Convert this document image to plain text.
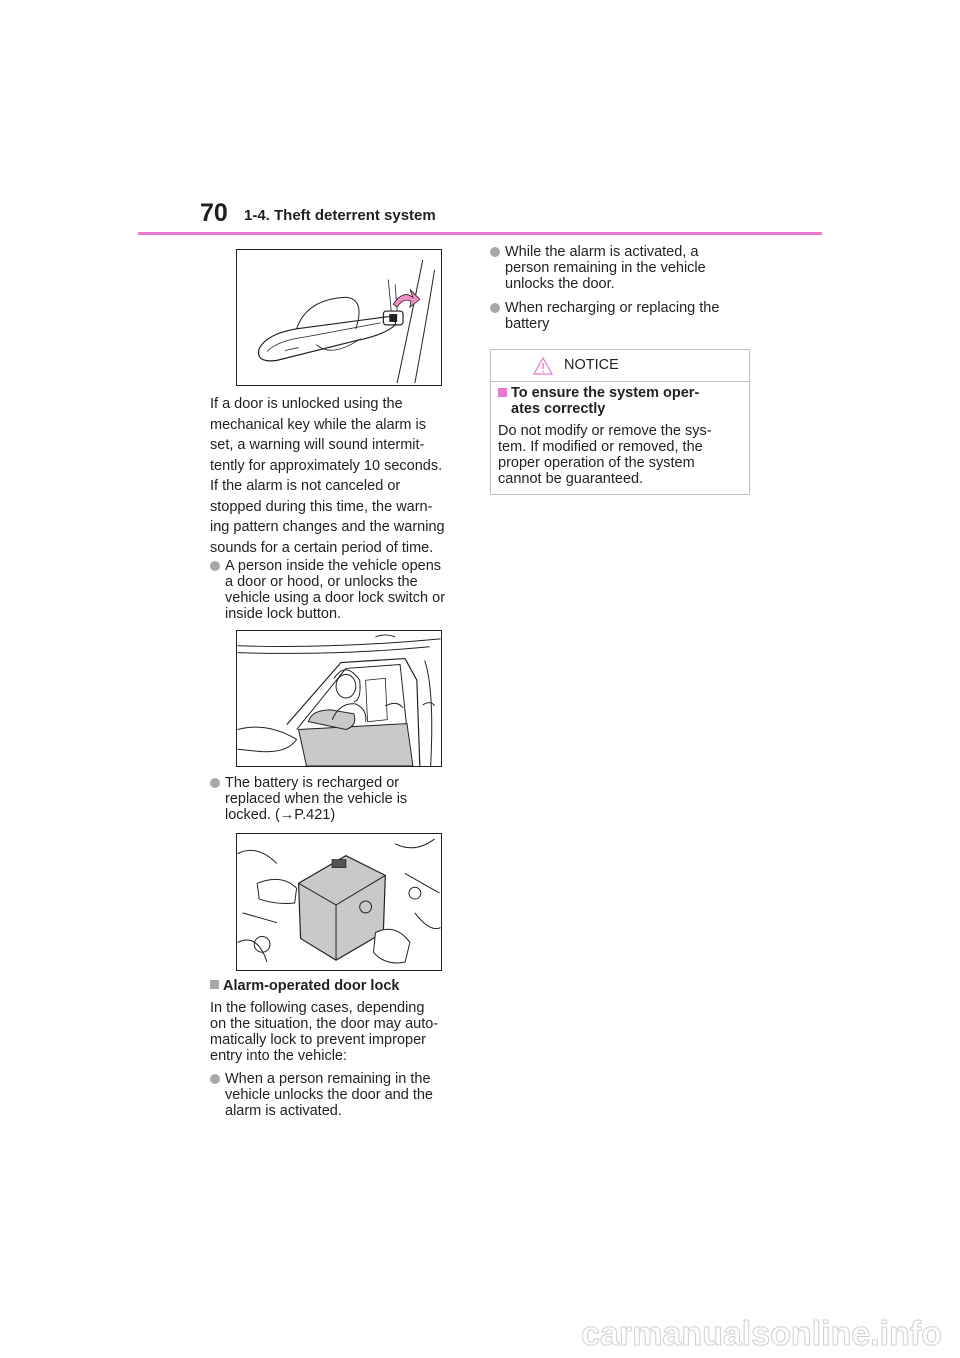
70 1-4. Theft deterrent system

If a door is unlocked using the

mechanical key while the alarm is

set, a warning will sound intermit-

tently for approximately 10 seconds.

If the alarm is not canceled or

stopped during this time, the warn-

ing pattern changes and the warning

sounds for a certain period of time.

A person inside the vehicle opens
a door or hood, or unlocks the
vehicle using a door lock switch or
inside lock button.
The battery is recharged or
replaced when the vehicle is
locked. (→P.421)
Alarm-operated door lock

In the following cases, depending

on the situation, the door may auto-

matically lock to prevent improper

entry into the vehicle:

When a person remaining in the
vehicle unlocks the door and the
alarm is activated.
While the alarm is activated, a
person remaining in the vehicle
unlocks the door.
When recharging or replacing the
battery
NOTICE
To ensure the system oper-
ates correctly
Do not modify or remove the sys-
tem. If modified or removed, the
proper operation of the system
cannot be guaranteed.
carmanualsonline.info
